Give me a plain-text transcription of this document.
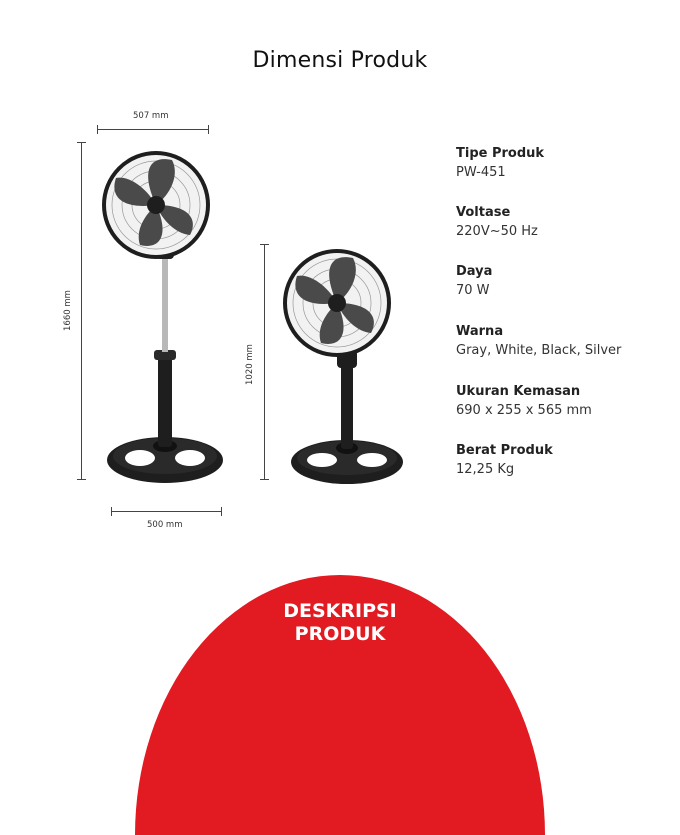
Dimensi Produk
507 mm
1660 mm
1020 mm
500 mm
Tipe Produk
PW-451
Voltase
220V~50 Hz
Daya
70 W
Warna
Gray, White, Black, Silver
Ukuran Kemasan
690 x 255 x 565 mm
Berat Produk
12,25 Kg
DESKRIPSI
PRODUK
